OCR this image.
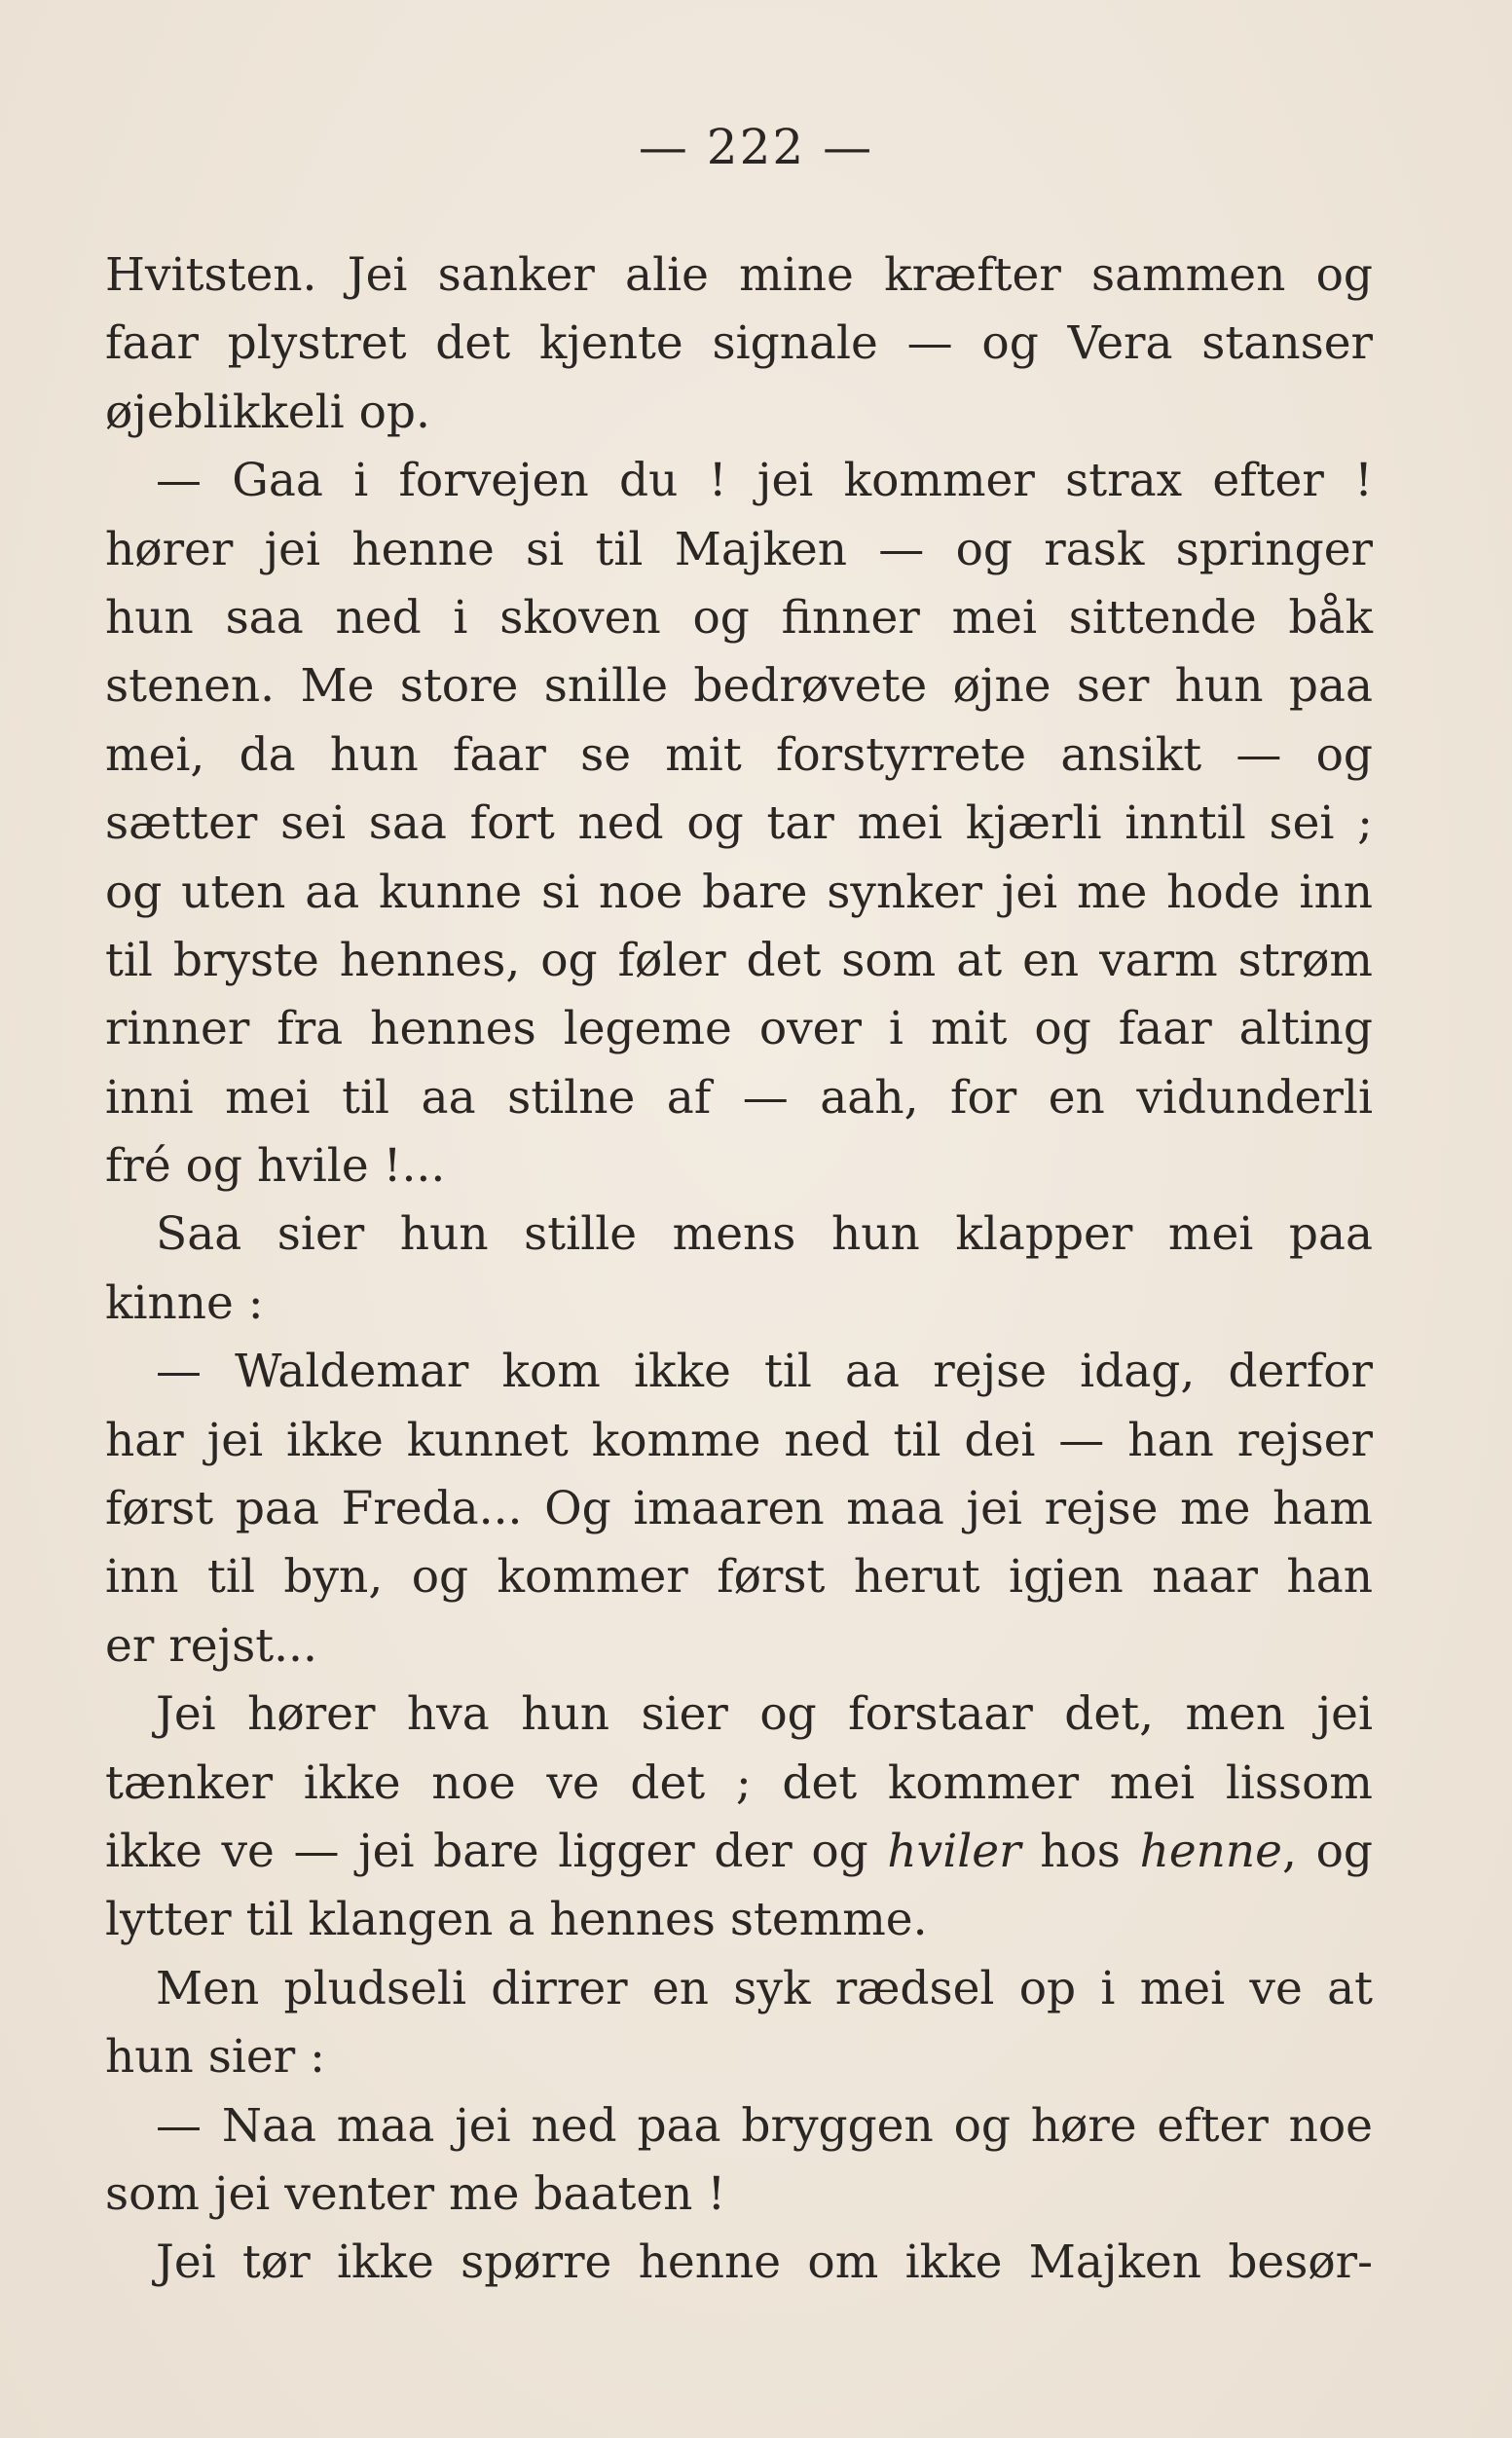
— 222 —
Hvitsten. Jei sanker alie mine kræfter sammen og
faar plystret det kjente signale — og Vera stanser
øjeblikkeli op.
— Gaa i forvejen du ! jei kommer strax efter !
hører jei henne si til Majken — og rask springer
hun saa ned i skoven og finner mei sittende båk
stenen. Me store snille bedrøvete øjne ser hun paa
mei, da hun faar se mit forstyrrete ansikt — og
sætter sei saa fort ned og tar mei kjærli inntil sei ;
og uten aa kunne si noe bare synker jei me hode inn
til bryste hennes, og føler det som at en varm strøm
rinner fra hennes legeme over i mit og faar alting
inni mei til aa stilne af — aah, for en vidunderli
fré og hvile !...
Saa sier hun stille mens hun klapper mei paa
kinne :
— Waldemar kom ikke til aa rejse idag, derfor
har jei ikke kunnet komme ned til dei — han rejser
først paa Freda... Og imaaren maa jei rejse me ham
inn til byn, og kommer først herut igjen naar han
er rejst...
Jei hører hva hun sier og forstaar det, men jei
tænker ikke noe ve det ; det kommer mei lissom
ikke ve — jei bare ligger der og hviler hos henne, og
lytter til klangen a hennes stemme.
Men pludseli dirrer en syk rædsel op i mei ve at
hun sier :
— Naa maa jei ned paa bryggen og høre efter noe
som jei venter me baaten !
Jei tør ikke spørre henne om ikke Majken besør-
